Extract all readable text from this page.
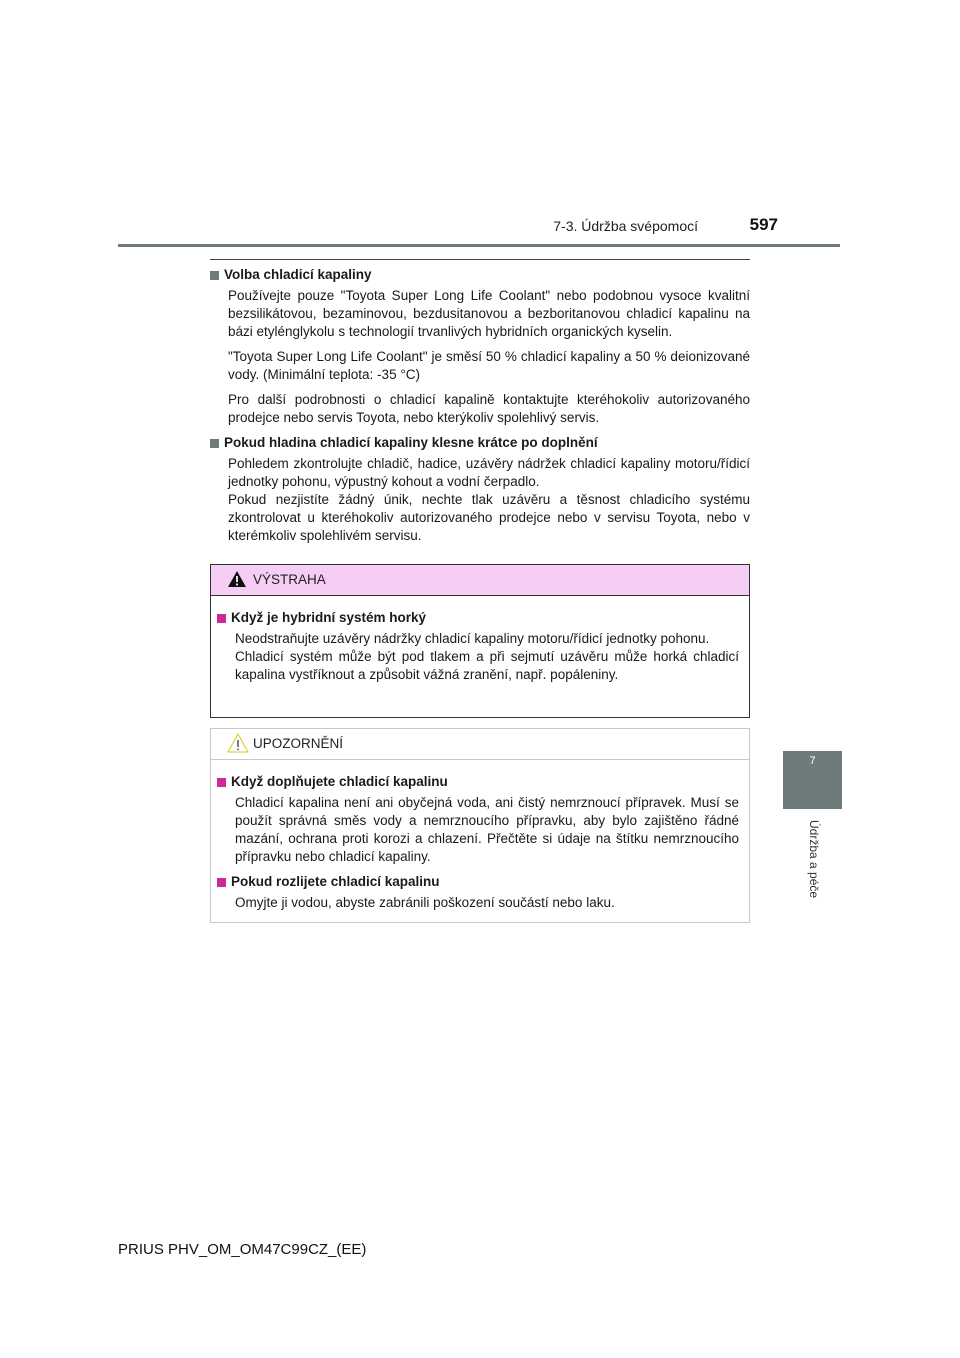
7-3. Údržba svépomocí	597
7
Údržba a péče
Volba chladicí kapaliny

Používejte pouze "Toyota Super Long Life Coolant" nebo podobnou vysoce kvalitní bezsilikátovou, bezaminovou, bezdusitanovou a bezboritanovou chladicí kapalinu na bázi etylénglykolu s technologií trvanlivých hybridních organických kyselin.

"Toyota Super Long Life Coolant" je směsí 50 % chladicí kapaliny a 50 % deionizované vody. (Minimální teplota: -35 °C)

Pro další podrobnosti o chladicí kapalině kontaktujte kteréhokoliv autorizovaného prodejce nebo servis Toyota, nebo kterýkoliv spolehlivý servis.

Pokud hladina chladicí kapaliny klesne krátce po doplnění

Pohledem zkontrolujte chladič, hadice, uzávěry nádržek chladicí kapaliny motoru/řídicí jednotky pohonu, výpustný kohout a vodní čerpadlo.
Pokud nezjistíte žádný únik, nechte tlak uzávěru a těsnost chladicího systému zkontrolovat u kteréhokoliv autorizovaného prodejce nebo v servisu Toyota, nebo v kterémkoliv spolehlivém servisu.

VÝSTRAHA
Když je hybridní systém horký

Neodstraňujte uzávěry nádržky chladicí kapaliny motoru/řídicí jednotky pohonu.
Chladicí systém může být pod tlakem a při sejmutí uzávěru může horká chladicí kapalina vystříknout a způsobit vážná zranění, např. popáleniny.

UPOZORNĚNÍ
Když doplňujete chladicí kapalinu

Chladicí kapalina není ani obyčejná voda, ani čistý nemrznoucí přípravek. Musí se použít správná směs vody a nemrznoucího přípravku, aby bylo zajištěno řádné mazání, ochrana proti korozi a chlazení. Přečtěte si údaje na štítku nemrznoucího přípravku nebo chladicí kapaliny.

Pokud rozlijete chladicí kapalinu

Omyjte ji vodou, abyste zabránili poškození součástí nebo laku.

PRIUS PHV_OM_OM47C99CZ_(EE)
